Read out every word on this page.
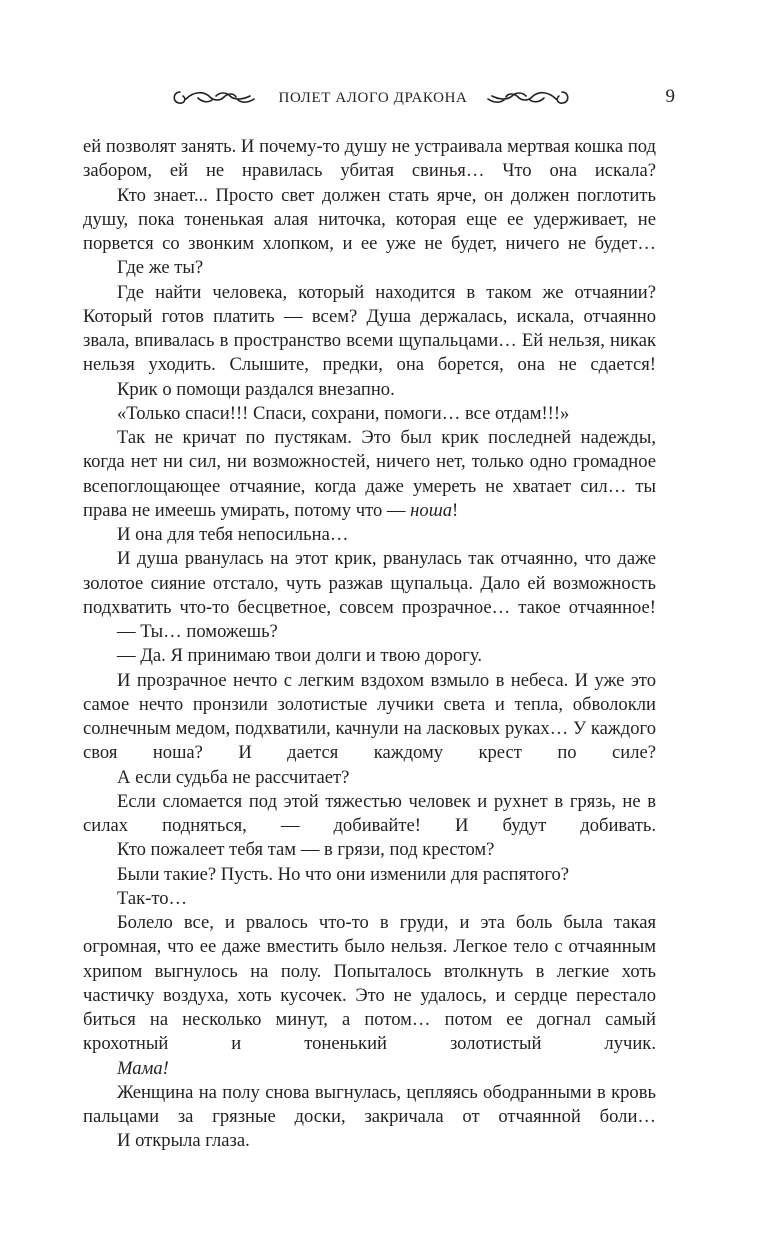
ПОЛЕТ АЛОГО ДРАКОНА	9

ей позволят занять. И почему-то душу не устраивала мертвая кошка под забором, ей не нравилась убитая свинья… Что она искала?

Кто знает... Просто свет должен стать ярче, он должен поглотить душу, пока тоненькая алая ниточка, которая еще ее удерживает, не порвется со звонким хлопком, и ее уже не будет, ничего не будет…

Где же ты?

Где найти человека, который находится в таком же отчаянии? Который готов платить — всем? Душа держалась, искала, отчаянно звала, впивалась в пространство всеми щупальцами… Ей нельзя, никак нельзя уходить. Слышите, предки, она борется, она не сдается!

Крик о помощи раздался внезапно.

«Только спаси!!! Спаси, сохрани, помоги… все отдам!!!»

Так не кричат по пустякам. Это был крик последней надежды, когда нет ни сил, ни возможностей, ничего нет, только одно громадное всепоглощающее отчаяние, когда даже умереть не хватает сил… ты права не имеешь умирать, потому что — ноша!

И она для тебя непосильна…

И душа рванулась на этот крик, рванулась так отчаянно, что даже золотое сияние отстало, чуть разжав щупальца. Дало ей возможность подхватить что-то бесцветное, совсем прозрачное… такое отчаянное!

— Ты… поможешь?

— Да. Я принимаю твои долги и твою дорогу.

И прозрачное нечто с легким вздохом взмыло в небеса. И уже это самое нечто пронзили золотистые лучики света и тепла, обволокли солнечным медом, подхватили, качнули на ласковых руках… У каждого своя ноша? И дается каждому крест по силе?

А если судьба не рассчитает?

Если сломается под этой тяжестью человек и рухнет в грязь, не в силах подняться, — добивайте! И будут добивать.

Кто пожалеет тебя там — в грязи, под крестом?

Были такие? Пусть. Но что они изменили для распятого?

Так-то…

Болело все, и рвалось что-то в груди, и эта боль была такая огромная, что ее даже вместить было нельзя. Легкое тело с отчаянным хрипом выгнулось на полу. Попыталось втолкнуть в легкие хоть частичку воздуха, хоть кусочек. Это не удалось, и сердце перестало биться на несколько минут, а потом… потом ее догнал самый крохотный и тоненький золотистый лучик.

Мама!

Женщина на полу снова выгнулась, цепляясь ободранными в кровь пальцами за грязные доски, закричала от отчаянной боли…

И открыла глаза.
